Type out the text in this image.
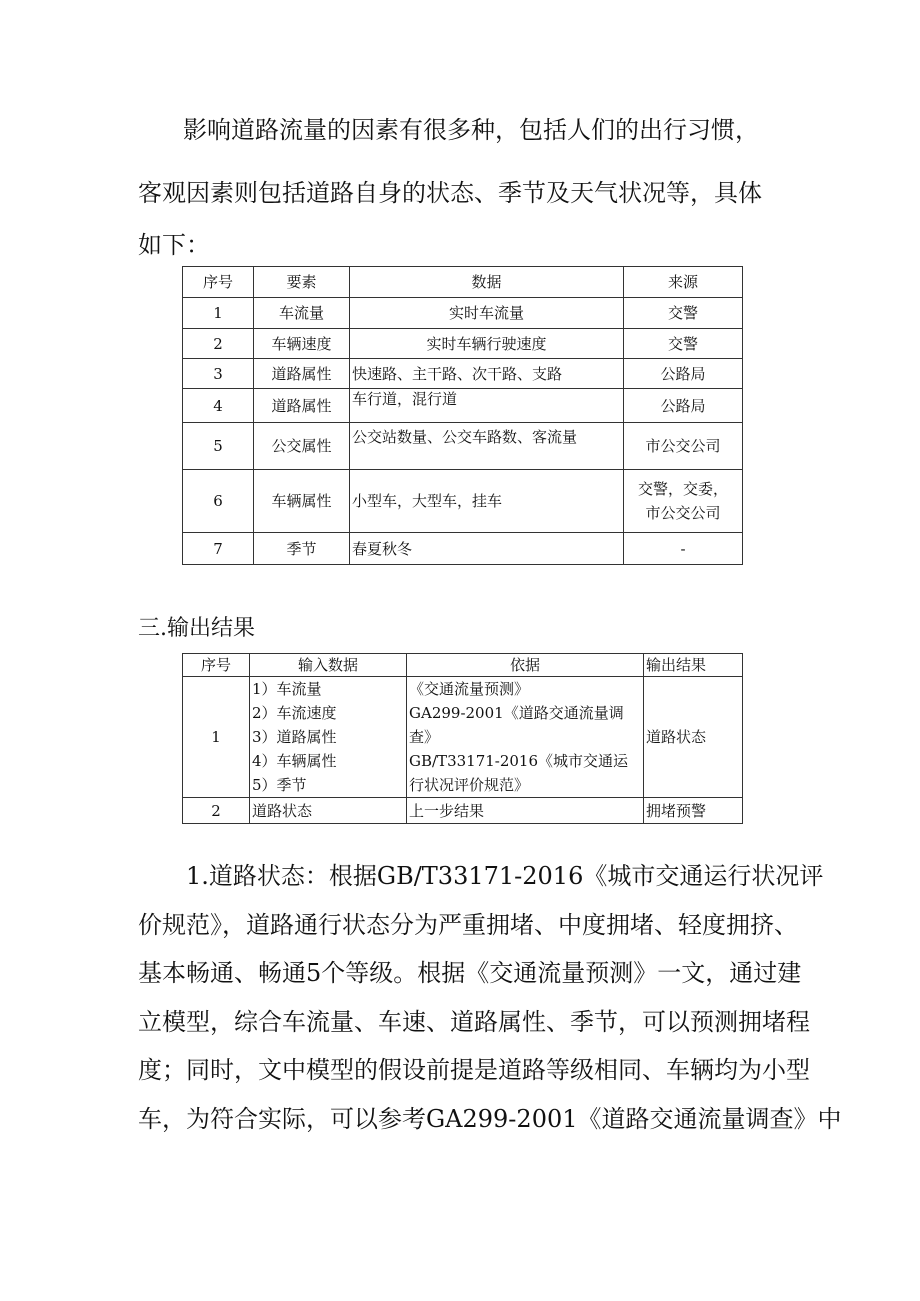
影响道路流量的因素有很多种，包括人们的出行习惯，

客观因素则包括道路自身的状态、季节及天气状况等，具体

如下：

序号	要素	数据	来源
1	车流量	实时车流量	交警
2	车辆速度	实时车辆行驶速度	交警
3	道路属性	快速路、主干路、次干路、支路	公路局
4	道路属性	车行道，混行道	公路局
5	公交属性	公交站数量、公交车路数、客流量	市公交公司
6	车辆属性	小型车，大型车，挂车	交警，交委，
市公交公司

7	季节	春夏秋冬	-

三.输出结果

序号	输入数据	依据	输出结果
1	1）车流量
2）车流速度
3）道路属性
4）车辆属性
5）季节	《交通流量预测》
GA299-2001《道路交通流量调
查》
GB/T33171-2016《城市交通运
行状况评价规范》	道路状态
2	道路状态	上一步结果	拥堵预警

1.道路状态：根据GB/T33171-2016《城市交通运行状况评

价规范》，道路通行状态分为严重拥堵、中度拥堵、轻度拥挤、

基本畅通、畅通5个等级。根据《交通流量预测》一文，通过建

立模型，综合车流量、车速、道路属性、季节，可以预测拥堵程

度；同时，文中模型的假设前提是道路等级相同、车辆均为小型

车，为符合实际，可以参考GA299-2001《道路交通流量调查》中
